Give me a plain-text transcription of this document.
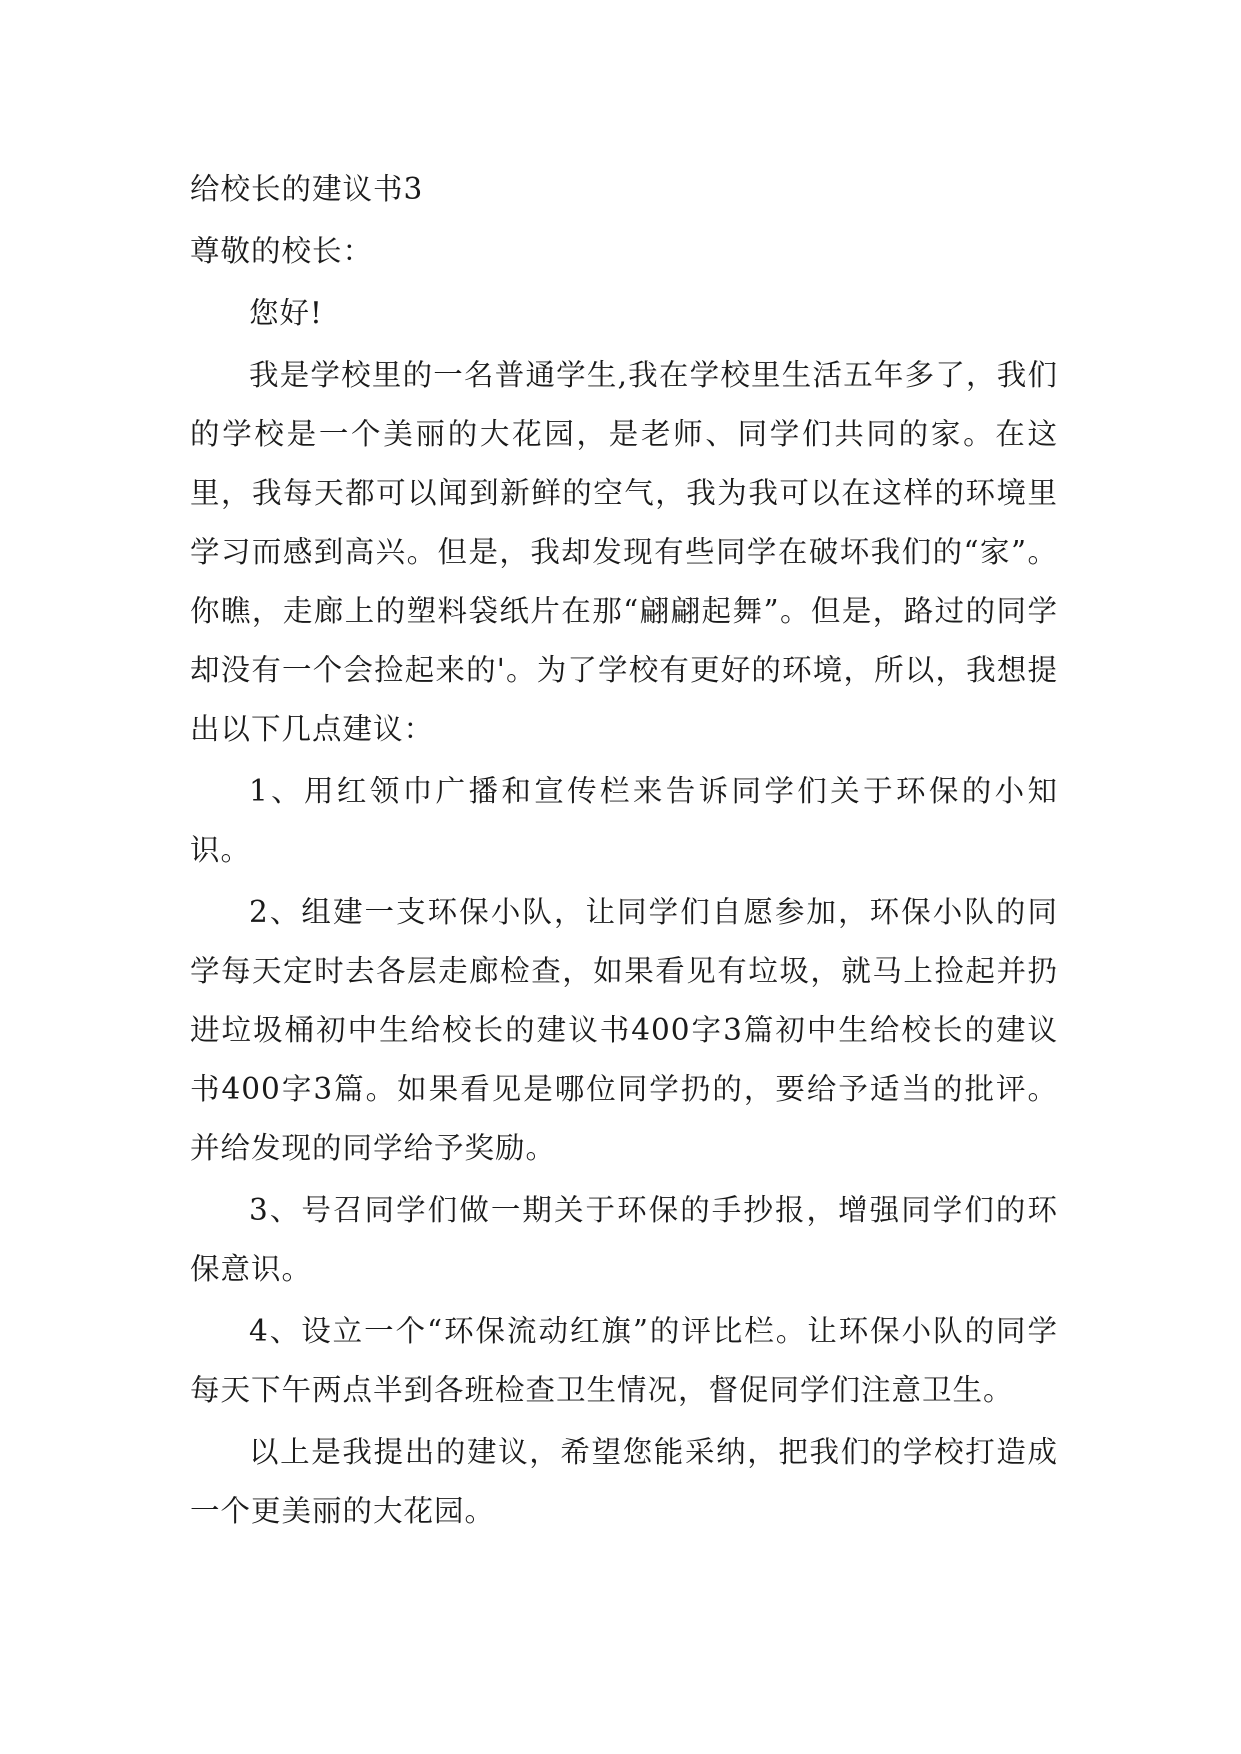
给校长的建议书3

尊敬的校长：

您好!

我是学校里的一名普通学生,我在学校里生活五年多了，我们的学校是一个美丽的大花园，是老师、同学们共同的家。在这里，我每天都可以闻到新鲜的空气，我为我可以在这样的环境里学习而感到高兴。但是，我却发现有些同学在破坏我们的“家”。你瞧，走廊上的塑料袋纸片在那“翩翩起舞”。但是，路过的同学却没有一个会捡起来的'。为了学校有更好的环境，所以，我想提出以下几点建议：

1、用红领巾广播和宣传栏来告诉同学们关于环保的小知识。

2、组建一支环保小队，让同学们自愿参加，环保小队的同学每天定时去各层走廊检查，如果看见有垃圾，就马上捡起并扔进垃圾桶初中生给校长的建议书400字3篇初中生给校长的建议书400字3篇。如果看见是哪位同学扔的，要给予适当的批评。并给发现的同学给予奖励。

3、号召同学们做一期关于环保的手抄报，增强同学们的环保意识。

4、设立一个“环保流动红旗”的评比栏。让环保小队的同学每天下午两点半到各班检查卫生情况，督促同学们注意卫生。

以上是我提出的建议，希望您能采纳，把我们的学校打造成一个更美丽的大花园。
